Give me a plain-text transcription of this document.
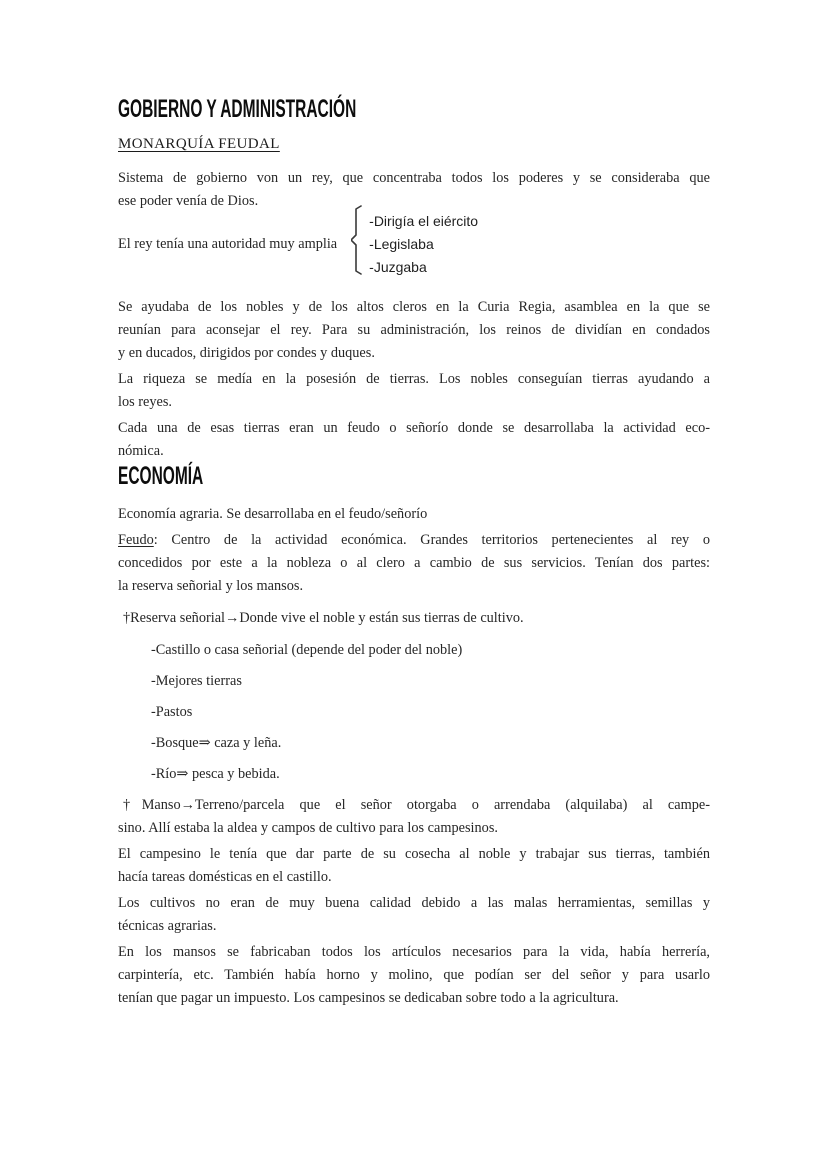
GOBIERNO Y ADMINISTRACIÓN
MONARQUÍA FEUDAL
Sistema de gobierno von un rey, que concentraba todos los poderes y se consideraba que
ese poder venía de Dios.
El rey tenía una autoridad muy amplia
-Dirigía el eiército
-Legislaba
-Juzgaba
Se ayudaba de los nobles y de los altos cleros en la Curia Regia, asamblea en la que se
reunían para aconsejar el rey. Para su administración, los reinos de dividían en condados
y en ducados, dirigidos por condes y duques.
La riqueza se medía en la posesión de tierras. Los nobles conseguían tierras ayudando a
los reyes.
Cada una de esas tierras eran un feudo o señorío donde se desarrollaba la actividad eco-
nómica.
ECONOMÍA
Economía agraria. Se desarrollaba en el feudo/señorío
Feudo: Centro de la actividad económica. Grandes territorios pertenecientes al rey o
concedidos por este a la nobleza o al clero a cambio de sus servicios. Tenían dos partes:
la reserva señorial y los mansos.
†Reserva señorial→Donde vive el noble y están sus tierras de cultivo.
-Castillo o casa señorial (depende del poder del noble)
-Mejores tierras
-Pastos
-Bosque⇒ caza y leña.
-Río⇒ pesca y bebida.
†Manso→Terreno/parcela que el señor otorgaba o arrendaba (alquilaba) al campe-
sino. Allí estaba la aldea y campos de cultivo para los campesinos.
El campesino le tenía que dar parte de su cosecha al noble y trabajar sus tierras, también
hacía tareas domésticas en el castillo.
Los cultivos no eran de muy buena calidad debido a las malas herramientas, semillas y
técnicas agrarias.
En los mansos se fabricaban todos los artículos necesarios para la vida, había herrería,
carpintería, etc. También había horno y molino, que podían ser del señor y para usarlo
tenían que pagar un impuesto. Los campesinos se dedicaban sobre todo a la agricultura.
